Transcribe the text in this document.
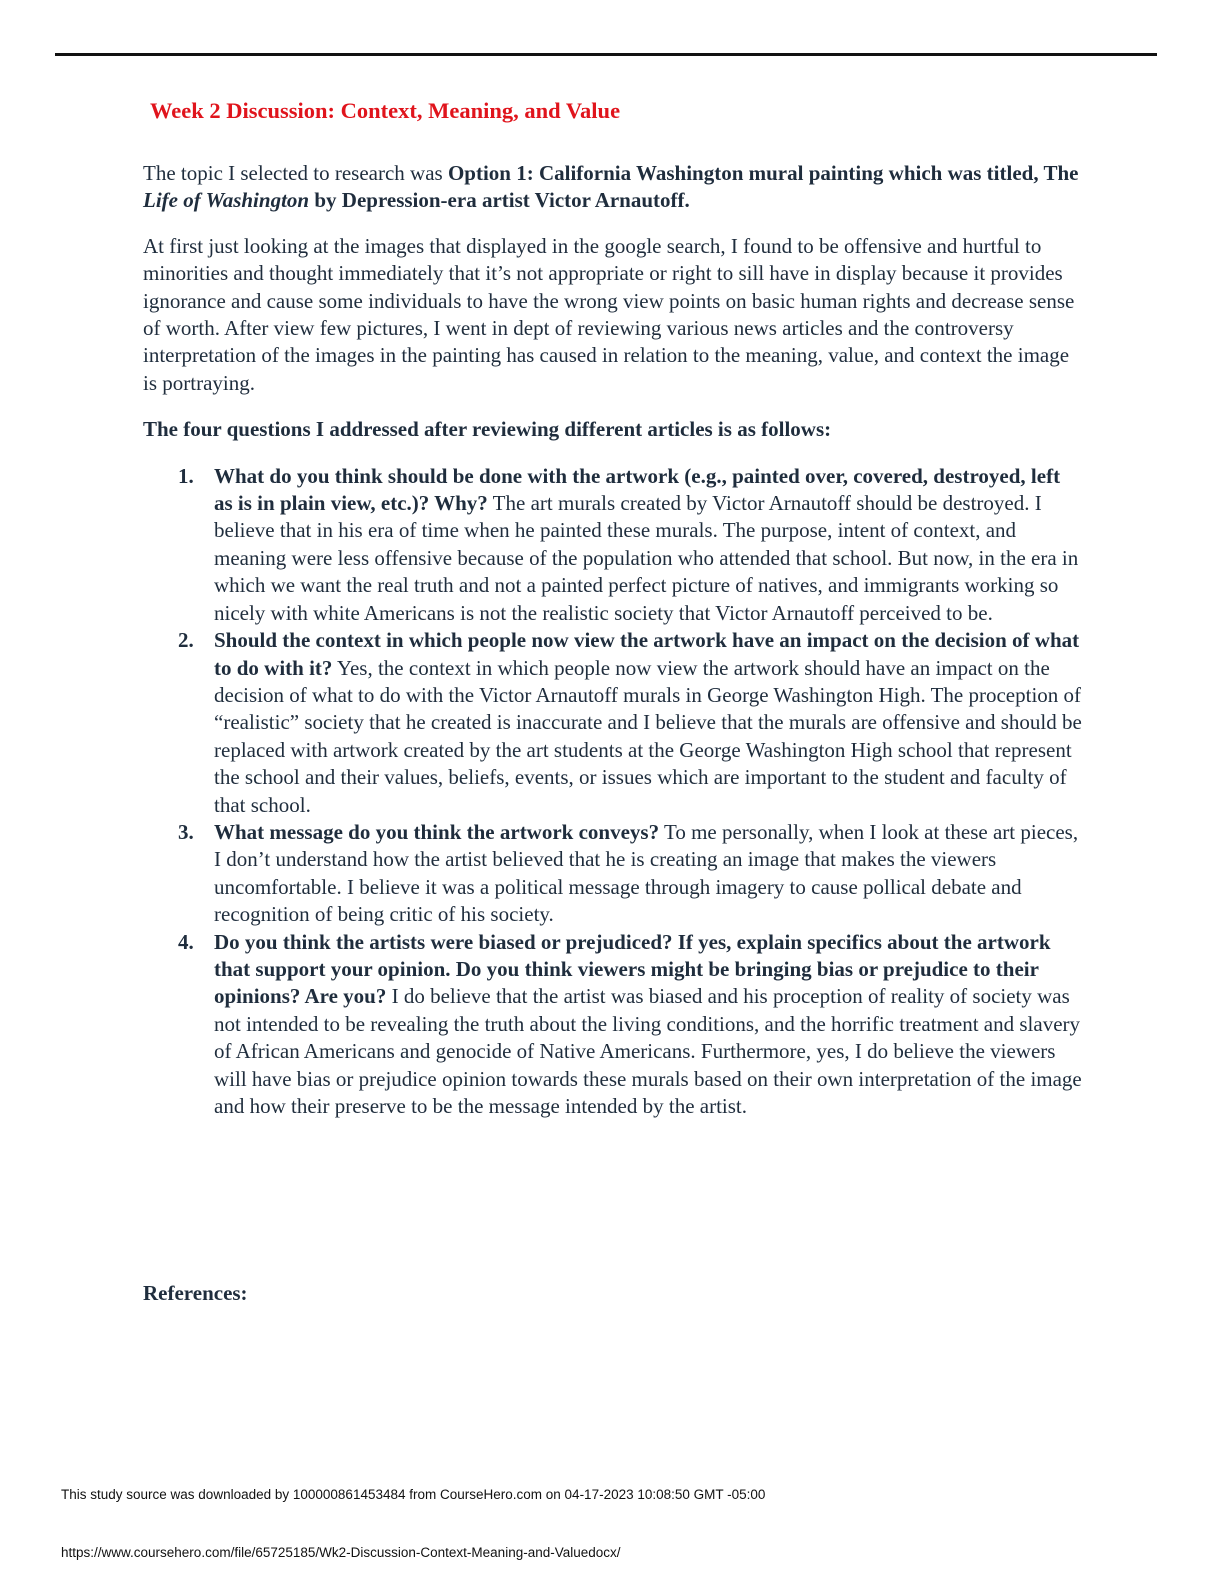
Week 2 Discussion: Context, Meaning, and Value

The topic I selected to research was Option 1: California Washington mural painting which was titled, The Life of Washington by Depression-era artist Victor Arnautoff.

At first just looking at the images that displayed in the google search, I found to be offensive and hurtful to minorities and thought immediately that it’s not appropriate or right to sill have in display because it provides ignorance and cause some individuals to have the wrong view points on basic human rights and decrease sense of worth. After view few pictures, I went in dept of reviewing various news articles and the controversy interpretation of the images in the painting has caused in relation to the meaning, value, and context the image is portraying.

The four questions I addressed after reviewing different articles is as follows:

1. What do you think should be done with the artwork (e.g., painted over, covered, destroyed, left as is in plain view, etc.)? Why? The art murals created by Victor Arnautoff should be destroyed. I believe that in his era of time when he painted these murals. The purpose, intent of context, and meaning were less offensive because of the population who attended that school. But now, in the era in which we want the real truth and not a painted perfect picture of natives, and immigrants working so nicely with white Americans is not the realistic society that Victor Arnautoff perceived to be.
2. Should the context in which people now view the artwork have an impact on the decision of what to do with it? Yes, the context in which people now view the artwork should have an impact on the decision of what to do with the Victor Arnautoff murals in George Washington High. The proception of “realistic” society that he created is inaccurate and I believe that the murals are offensive and should be replaced with artwork created by the art students at the George Washington High school that represent the school and their values, beliefs, events, or issues which are important to the student and faculty of that school.
3. What message do you think the artwork conveys? To me personally, when I look at these art pieces, I don’t understand how the artist believed that he is creating an image that makes the viewers uncomfortable. I believe it was a political message through imagery to cause pollical debate and recognition of being critic of his society.
4. Do you think the artists were biased or prejudiced? If yes, explain specifics about the artwork that support your opinion. Do you think viewers might be bringing bias or prejudice to their opinions? Are you? I do believe that the artist was biased and his proception of reality of society was not intended to be revealing the truth about the living conditions, and the horrific treatment and slavery of African Americans and genocide of Native Americans. Furthermore, yes, I do believe the viewers will have bias or prejudice opinion towards these murals based on their own interpretation of the image and how their preserve to be the message intended by the artist.

References:

This study source was downloaded by 100000861453484 from CourseHero.com on 04-17-2023 10:08:50 GMT -05:00
https://www.coursehero.com/file/65725185/Wk2-Discussion-Context-Meaning-and-Valuedocx/
